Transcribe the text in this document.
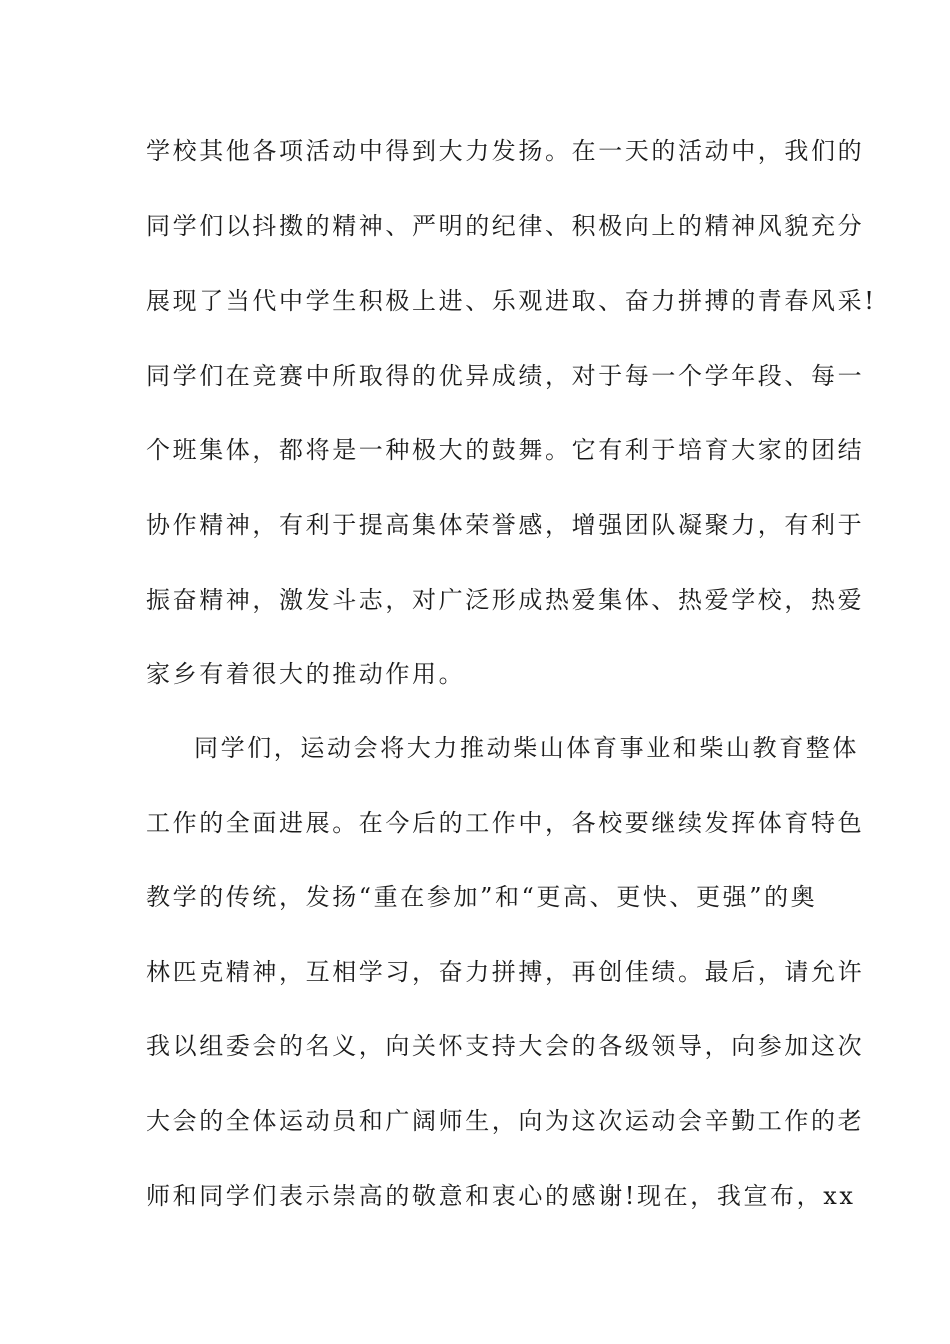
学校其他各项活动中得到大力发扬。在一天的活动中，我们的
同学们以抖擞的精神、严明的纪律、积极向上的精神风貌充分
展现了当代中学生积极上进、乐观进取、奋力拼搏的青春风采!
同学们在竞赛中所取得的优异成绩，对于每一个学年段、每一
个班集体，都将是一种极大的鼓舞。它有利于培育大家的团结
协作精神，有利于提高集体荣誉感，增强团队凝聚力，有利于
振奋精神，激发斗志，对广泛形成热爱集体、热爱学校，热爱
家乡有着很大的推动作用。
同学们，运动会将大力推动柴山体育事业和柴山教育整体
工作的全面进展。在今后的工作中，各校要继续发挥体育特色
教学的传统，发扬“重在参加”和“更高、更快、更强”的奥
林匹克精神，互相学习，奋力拼搏，再创佳绩。最后，请允许
我以组委会的名义，向关怀支持大会的各级领导，向参加这次
大会的全体运动员和广阔师生，向为这次运动会辛勤工作的老
师和同学们表示崇高的敬意和衷心的感谢!现在，我宣布，xx
